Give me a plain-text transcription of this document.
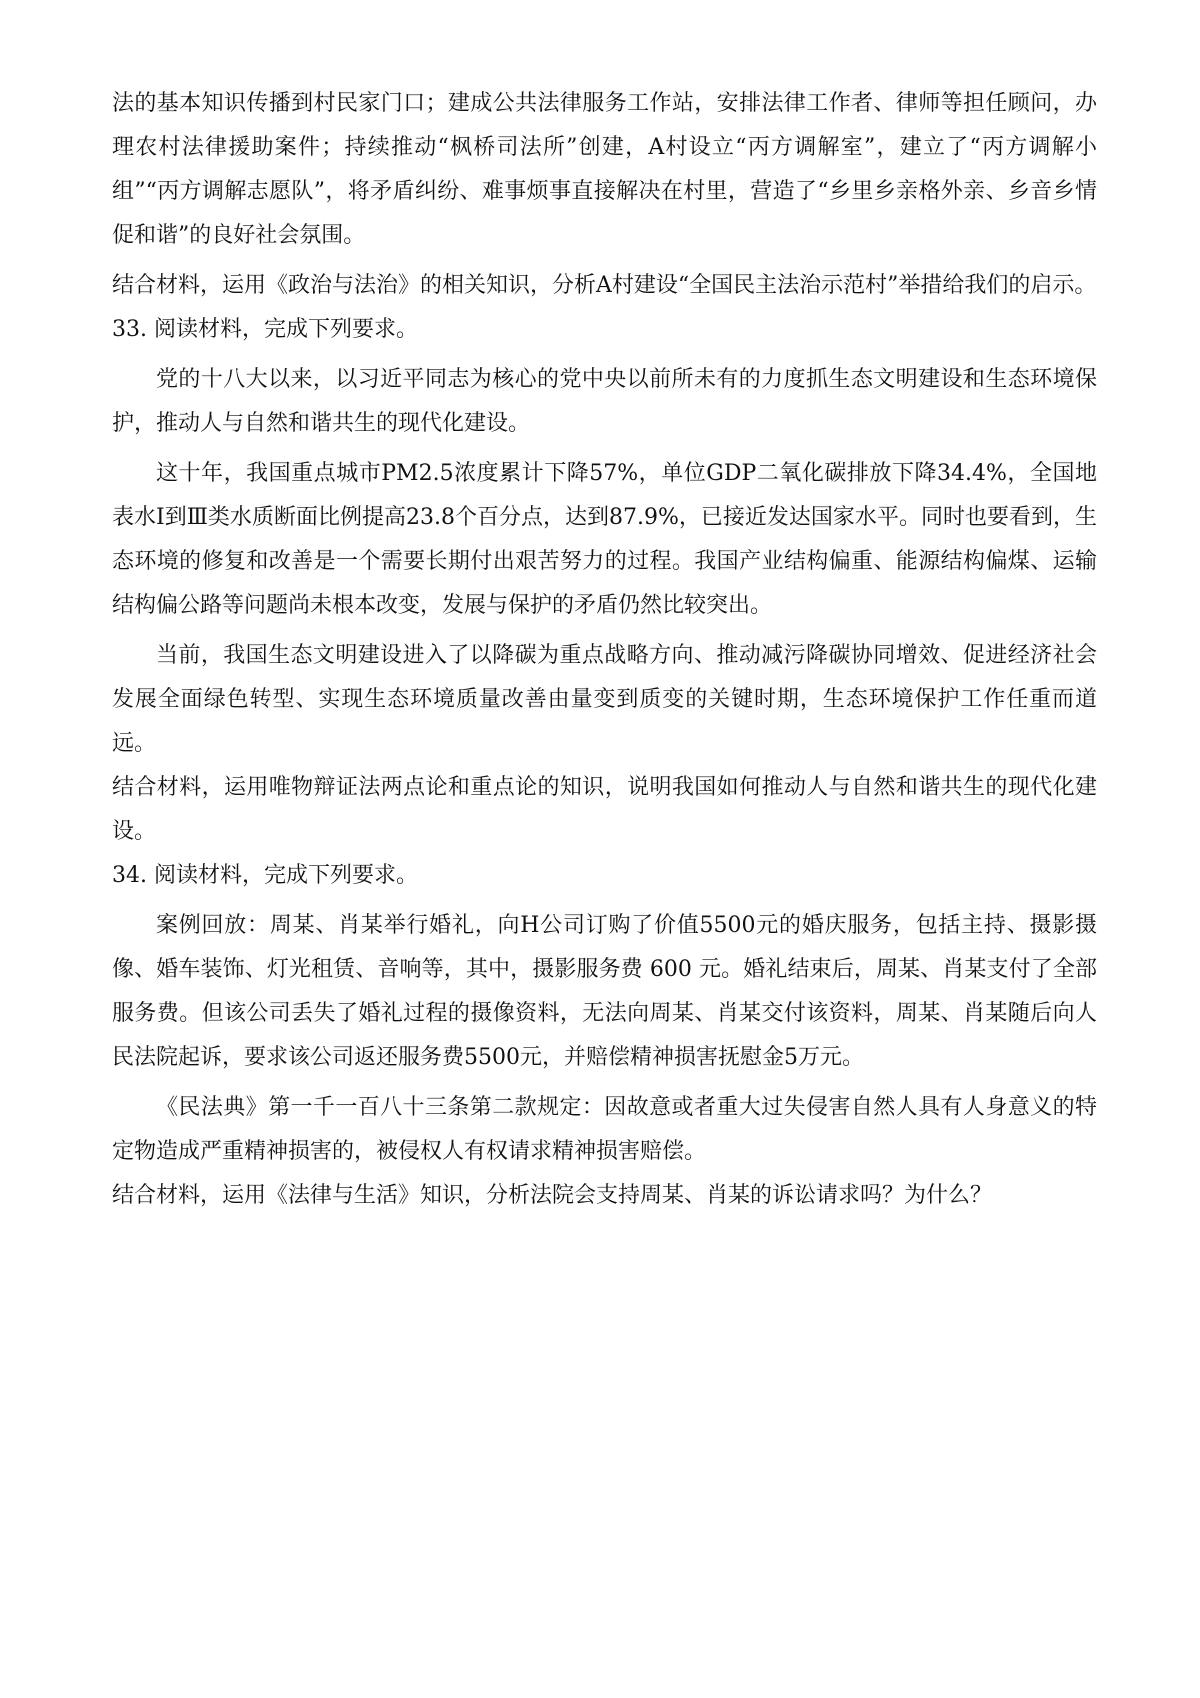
法的基本知识传播到村民家门口；建成公共法律服务工作站，安排法律工作者、律师等担任顾问，办理农村法律援助案件；持续推动“枫桥司法所”创建，A村设立“丙方调解室”，建立了“丙方调解小组”“丙方调解志愿队”，将矛盾纠纷、难事烦事直接解决在村里，营造了“乡里乡亲格外亲、乡音乡情促和谐”的良好社会氛围。

结合材料，运用《政治与法治》的相关知识，分析A村建设“全国民主法治示范村”举措给我们的启示。

33. 阅读材料，完成下列要求。

党的十八大以来，以习近平同志为核心的党中央以前所未有的力度抓生态文明建设和生态环境保护，推动人与自然和谐共生的现代化建设。

这十年，我国重点城市PM2.5浓度累计下降57%，单位GDP二氧化碳排放下降34.4%，全国地表水Ⅰ到Ⅲ类水质断面比例提高23.8个百分点，达到87.9%，已接近发达国家水平。同时也要看到，生态环境的修复和改善是一个需要长期付出艰苦努力的过程。我国产业结构偏重、能源结构偏煤、运输结构偏公路等问题尚未根本改变，发展与保护的矛盾仍然比较突出。

当前，我国生态文明建设进入了以降碳为重点战略方向、推动减污降碳协同增效、促进经济社会发展全面绿色转型、实现生态环境质量改善由量变到质变的关键时期，生态环境保护工作任重而道远。

结合材料，运用唯物辩证法两点论和重点论的知识，说明我国如何推动人与自然和谐共生的现代化建设。

34. 阅读材料，完成下列要求。

案例回放：周某、肖某举行婚礼，向H公司订购了价值5500元的婚庆服务，包括主持、摄影摄像、婚车装饰、灯光租赁、音响等，其中，摄影服务费 600 元。婚礼结束后，周某、肖某支付了全部服务费。但该公司丢失了婚礼过程的摄像资料，无法向周某、肖某交付该资料，周某、肖某随后向人民法院起诉，要求该公司返还服务费5500元，并赔偿精神损害抚慰金5万元。

《民法典》第一千一百八十三条第二款规定：因故意或者重大过失侵害自然人具有人身意义的特定物造成严重精神损害的，被侵权人有权请求精神损害赔偿。

结合材料，运用《法律与生活》知识，分析法院会支持周某、肖某的诉讼请求吗？为什么？
